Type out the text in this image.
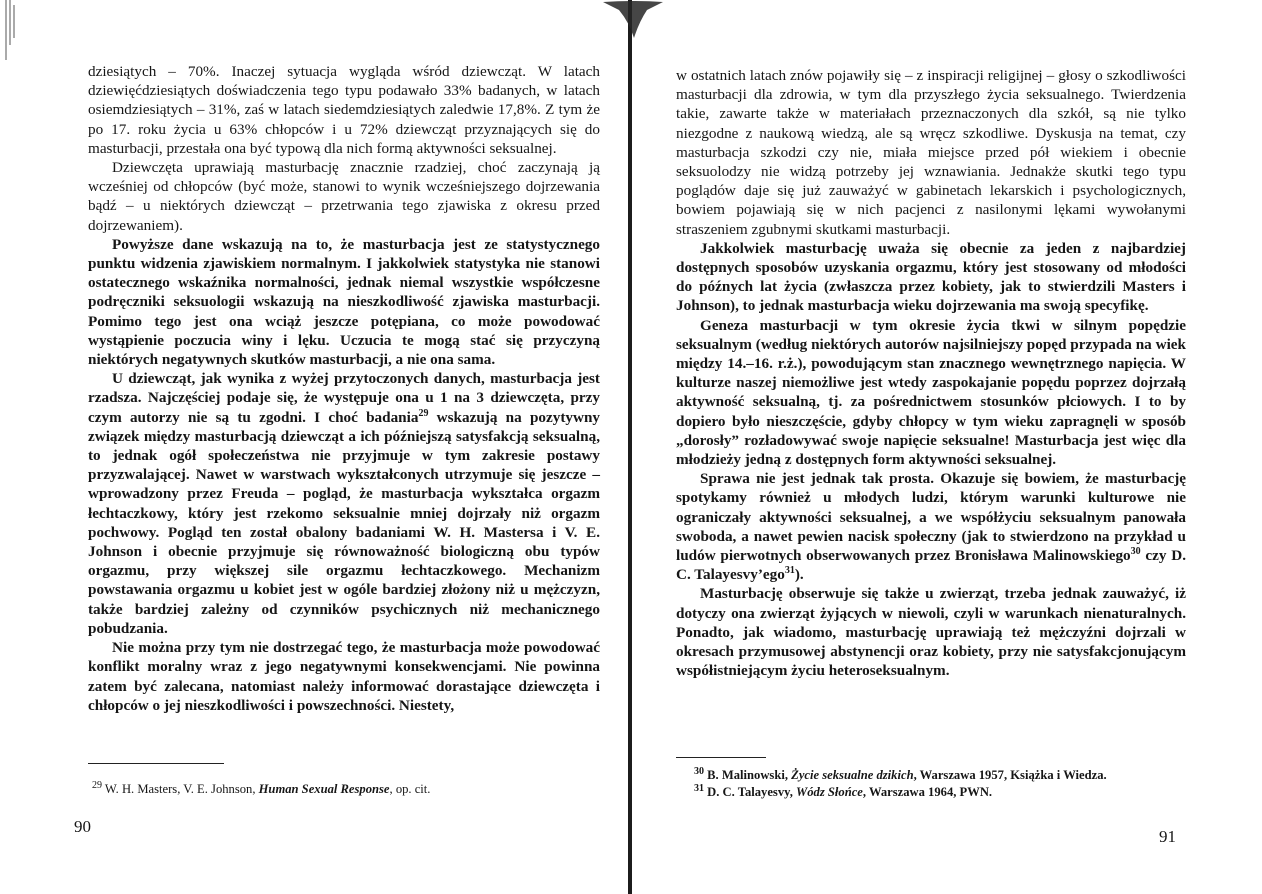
dziesiątych – 70%. Inaczej sytuacja wygląda wśród dziewcząt. W latach dziewięćdziesiątych doświadczenia tego typu podawało 33% badanych, w latach osiemdziesiątych – 31%, zaś w latach siedemdziesiątych zaledwie 17,8%. Z tym że po 17. roku życia u 63% chłopców i u 72% dziewcząt przyznających się do masturbacji, przestała ona być typową dla nich formą aktywności seksualnej.

Dziewczęta uprawiają masturbację znacznie rzadziej, choć zaczynają ją wcześniej od chłopców (być może, stanowi to wynik wcześniejszego dojrzewania bądź – u niektórych dziewcząt – przetrwania tego zjawiska z okresu przed dojrzewaniem).

Powyższe dane wskazują na to, że masturbacja jest ze statystycznego punktu widzenia zjawiskiem normalnym. I jakkolwiek statystyka nie stanowi ostatecznego wskaźnika normalności, jednak niemal wszystkie współczesne podręczniki seksuologii wskazują na nieszkodliwość zjawiska masturbacji. Pomimo tego jest ona wciąż jeszcze potępiana, co może powodować wystąpienie poczucia winy i lęku. Uczucia te mogą stać się przyczyną niektórych negatywnych skutków masturbacji, a nie ona sama.

U dziewcząt, jak wynika z wyżej przytoczonych danych, masturbacja jest rzadsza. Najczęściej podaje się, że występuje ona u 1 na 3 dziewczęta, przy czym autorzy nie są tu zgodni. I choć badania$^{29}$ wskazują na pozytywny związek między masturbacją dziewcząt a ich późniejszą satysfakcją seksualną, to jednak ogół społeczeństwa nie przyjmuje w tym zakresie postawy przyzwalającej. Nawet w warstwach wykształconych utrzymuje się jeszcze – wprowadzony przez Freuda – pogląd, że masturbacja wykształca orgazm łechtaczkowy, który jest rzekomo seksualnie mniej dojrzały niż orgazm pochwowy. Pogląd ten został obalony badaniami W. H. Mastersa i V. E. Johnson i obecnie przyjmuje się równoważność biologiczną obu typów orgazmu, przy większej sile orgazmu łechtaczkowego. Mechanizm powstawania orgazmu u kobiet jest w ogóle bardziej złożony niż u mężczyzn, także bardziej zależny od czynników psychicznych niż mechanicznego pobudzania.

Nie można przy tym nie dostrzegać tego, że masturbacja może powodować konflikt moralny wraz z jego negatywnymi konsekwencjami. Nie powinna zatem być zalecana, natomiast należy informować dorastające dziewczęta i chłopców o jej nieszkodliwości i powszechności. Niestety,

$^{29}$ W. H. Masters, V. E. Johnson, Human Sexual Response, op. cit.
90

w ostatnich latach znów pojawiły się – z inspiracji religijnej – głosy o szkodliwości masturbacji dla zdrowia, w tym dla przyszłego życia seksualnego. Twierdzenia takie, zawarte także w materiałach przeznaczonych dla szkół, są nie tylko niezgodne z naukową wiedzą, ale są wręcz szkodliwe. Dyskusja na temat, czy masturbacja szkodzi czy nie, miała miejsce przed pół wiekiem i obecnie seksuolodzy nie widzą potrzeby jej wznawiania. Jednakże skutki tego typu poglądów daje się już zauważyć w gabinetach lekarskich i psychologicznych, bowiem pojawiają się w nich pacjenci z nasilonymi lękami wywołanymi straszeniem zgubnymi skutkami masturbacji.

Jakkolwiek masturbację uważa się obecnie za jeden z najbardziej dostępnych sposobów uzyskania orgazmu, który jest stosowany od młodości do późnych lat życia (zwłaszcza przez kobiety, jak to stwierdzili Masters i Johnson), to jednak masturbacja wieku dojrzewania ma swoją specyfikę.

Geneza masturbacji w tym okresie życia tkwi w silnym popędzie seksualnym (według niektórych autorów najsilniejszy popęd przypada na wiek między 14.–16. r.ż.), powodującym stan znacznego wewnętrznego napięcia. W kulturze naszej niemożliwe jest wtedy zaspokajanie popędu poprzez dojrzałą aktywność seksualną, tj. za pośrednictwem stosunków płciowych. I to by dopiero było nieszczęście, gdyby chłopcy w tym wieku zapragnęli w sposób „dorosły” rozładowywać swoje napięcie seksualne! Masturbacja jest więc dla młodzieży jedną z dostępnych form aktywności seksualnej.

Sprawa nie jest jednak tak prosta. Okazuje się bowiem, że masturbację spotykamy również u młodych ludzi, którym warunki kulturowe nie ograniczały aktywności seksualnej, a we współżyciu seksualnym panowała swoboda, a nawet pewien nacisk społeczny (jak to stwierdzono na przykład u ludów pierwotnych obserwowanych przez Bronisława Malinowskiego$^{30}$ czy D. C. Talayesvy’ego$^{31}$).

Masturbację obserwuje się także u zwierząt, trzeba jednak zauważyć, iż dotyczy ona zwierząt żyjących w niewoli, czyli w warunkach nienaturalnych. Ponadto, jak wiadomo, masturbację uprawiają też mężczyźni dojrzali w okresach przymusowej abstynencji oraz kobiety, przy nie satysfakcjonującym współistniejącym życiu heteroseksualnym.

$^{30}$ B. Malinowski, Życie seksualne dzikich, Warszawa 1957, Książka i Wiedza.
$^{31}$ D. C. Talayesvy, Wódz Słońce, Warszawa 1964, PWN.
91
